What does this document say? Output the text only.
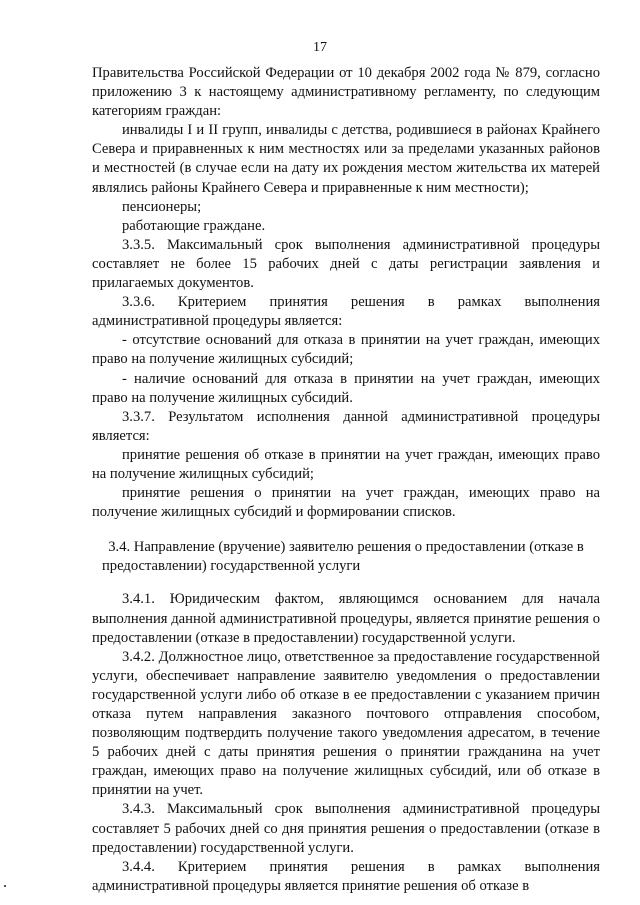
17

Правительства Российской Федерации от 10 декабря 2002 года № 879, согласно приложению 3 к настоящему административному регламенту, по следующим категориям граждан:

инвалиды I и II групп, инвалиды с детства, родившиеся в районах Крайнего Севера и приравненных к ним местностях или за пределами указанных районов и местностей (в случае если на дату их рождения местом жительства их матерей являлись районы Крайнего Севера и приравненные к ним местности);

пенсионеры;

работающие граждане.

3.3.5. Максимальный срок выполнения административной процедуры составляет не более 15 рабочих дней с даты регистрации заявления и прилагаемых документов.

3.3.6. Критерием принятия решения в рамках выполнения административной процедуры является:

- отсутствие оснований для отказа в принятии на учет граждан, имеющих право на получение жилищных субсидий;

- наличие оснований для отказа в принятии на учет граждан, имеющих право на получение жилищных субсидий.

3.3.7. Результатом исполнения данной административной процедуры является:

принятие решения об отказе в принятии на учет граждан, имеющих право на получение жилищных субсидий;

принятие решения о принятии на учет граждан, имеющих право на получение жилищных субсидий и формировании списков.

3.4. Направление (вручение) заявителю решения о предоставлении (отказе в предоставлении) государственной услуги

3.4.1. Юридическим фактом, являющимся основанием для начала выполнения данной административной процедуры, является принятие решения о предоставлении (отказе в предоставлении) государственной услуги.

3.4.2. Должностное лицо, ответственное за предоставление государственной услуги, обеспечивает направление заявителю уведомления о предоставлении государственной услуги либо об отказе в ее предоставлении с указанием причин отказа путем направления заказного почтового отправления способом, позволяющим подтвердить получение такого уведомления адресатом, в течение 5 рабочих дней с даты принятия решения о принятии гражданина на учет граждан, имеющих право на получение жилищных субсидий, или об отказе в принятии на учет.

3.4.3. Максимальный срок выполнения административной процедуры составляет 5 рабочих дней со дня принятия решения о предоставлении (отказе в предоставлении) государственной услуги.

3.4.4. Критерием принятия решения в рамках выполнения административной процедуры является принятие решения об отказе в
